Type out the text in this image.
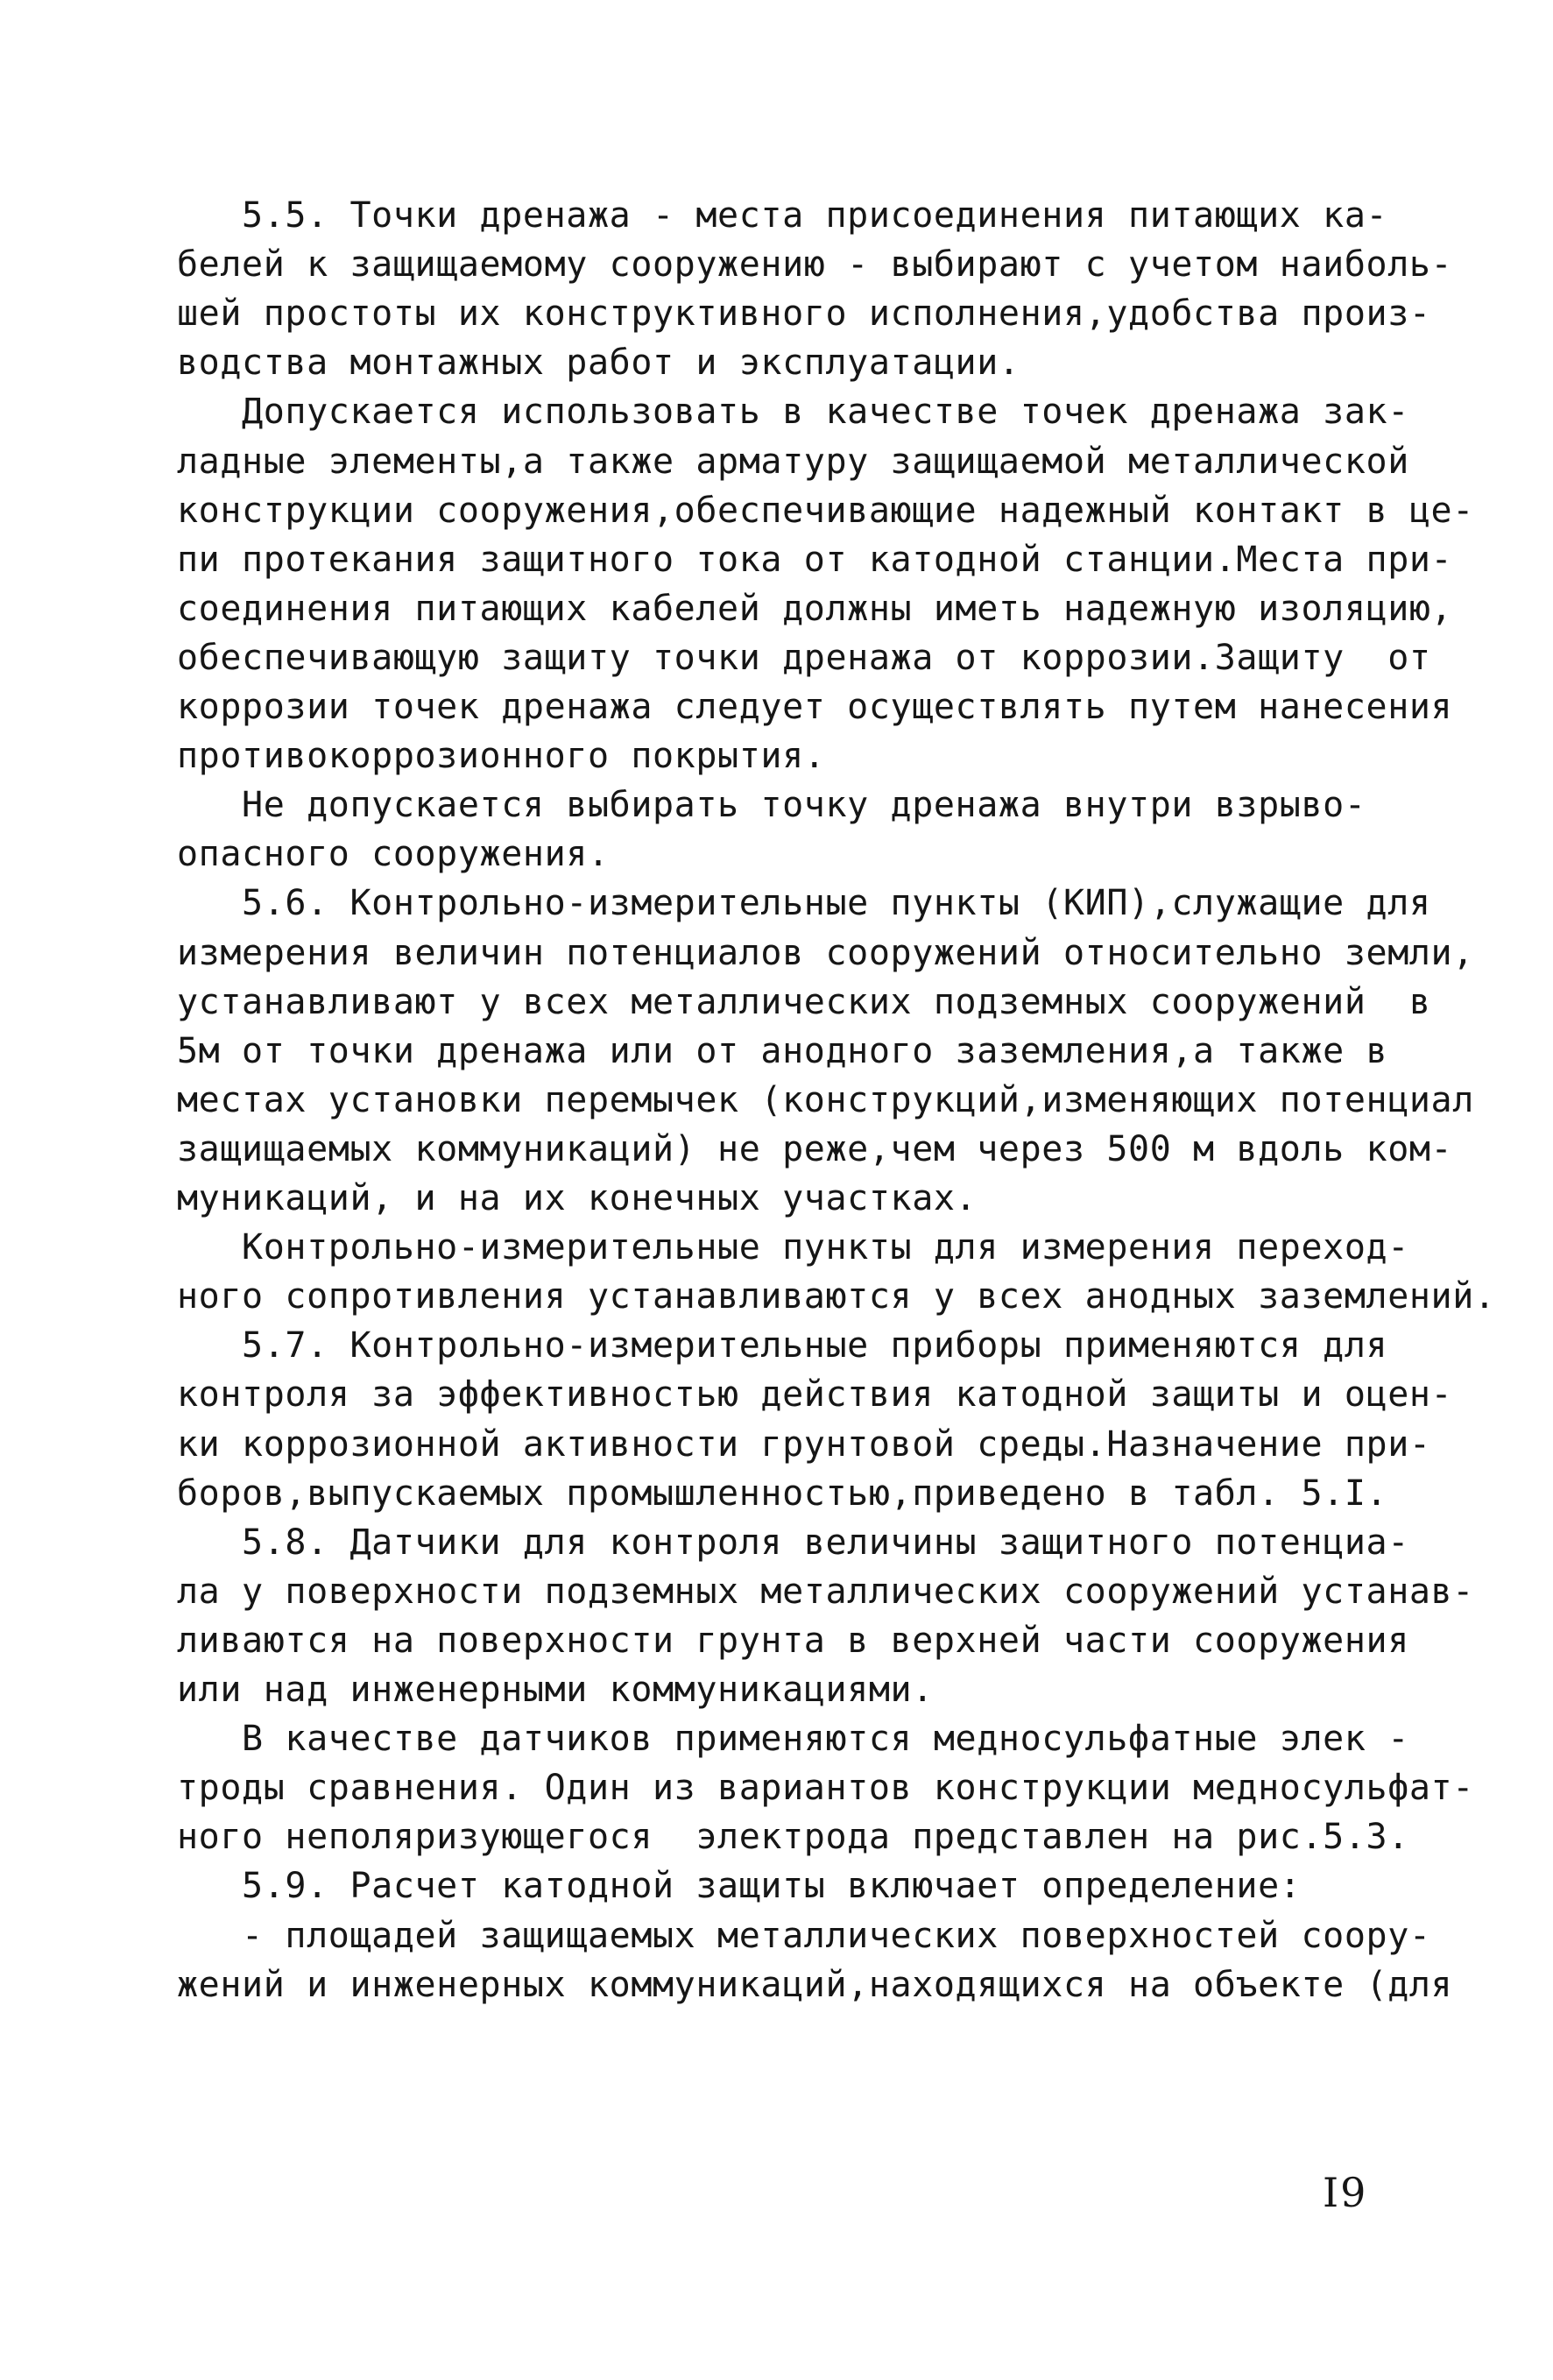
5.5. Точки дренажа - места присоединения питающих ка-
белей к защищаемому сооружению - выбирают с учетом наиболь-
шей простоты их конструктивного исполнения,удобства произ-
водства монтажных работ и эксплуатации.
Допускается использовать в качестве точек дренажа зак-
ладные элементы,а также арматуру защищаемой металлической
конструкции сооружения,обеспечивающие надежный контакт в це-
пи протекания защитного тока от катодной станции.Места при-
соединения питающих кабелей должны иметь надежную изоляцию,
обеспечивающую защиту точки дренажа от коррозии.Защиту  от
коррозии точек дренажа следует осуществлять путем нанесения
противокоррозионного покрытия.
Не допускается выбирать точку дренажа внутри взрыво-
опасного сооружения.
5.6. Контрольно-измерительные пункты (КИП),служащие для
измерения величин потенциалов сооружений относительно земли,
устанавливают у всех металлических подземных сооружений  в
5м от точки дренажа или от анодного заземления,а также в
местах установки перемычек (конструкций,изменяющих потенциал
защищаемых коммуникаций) не реже,чем через 500 м вдоль ком-
муникаций, и на их конечных участках.
Контрольно-измерительные пункты для измерения переход-
ного сопротивления устанавливаются у всех анодных заземлений.
5.7. Контрольно-измерительные приборы применяются для
контроля за эффективностью действия катодной защиты и оцен-
ки коррозионной активности грунтовой среды.Назначение при-
боров,выпускаемых промышленностью,приведено в табл. 5.I.
5.8. Датчики для контроля величины защитного потенциа-
ла у поверхности подземных металлических сооружений устанав-
ливаются на поверхности грунта в верхней части сооружения
или над инженерными коммуникациями.
В качестве датчиков применяются медносульфатные элек -
троды сравнения. Один из вариантов конструкции медносульфат-
ного неполяризующегося  электрода представлен на рис.5.3.
5.9. Расчет катодной защиты включает определение:
- площадей защищаемых металлических поверхностей соору-
жений и инженерных коммуникаций,находящихся на объекте (для
I9
